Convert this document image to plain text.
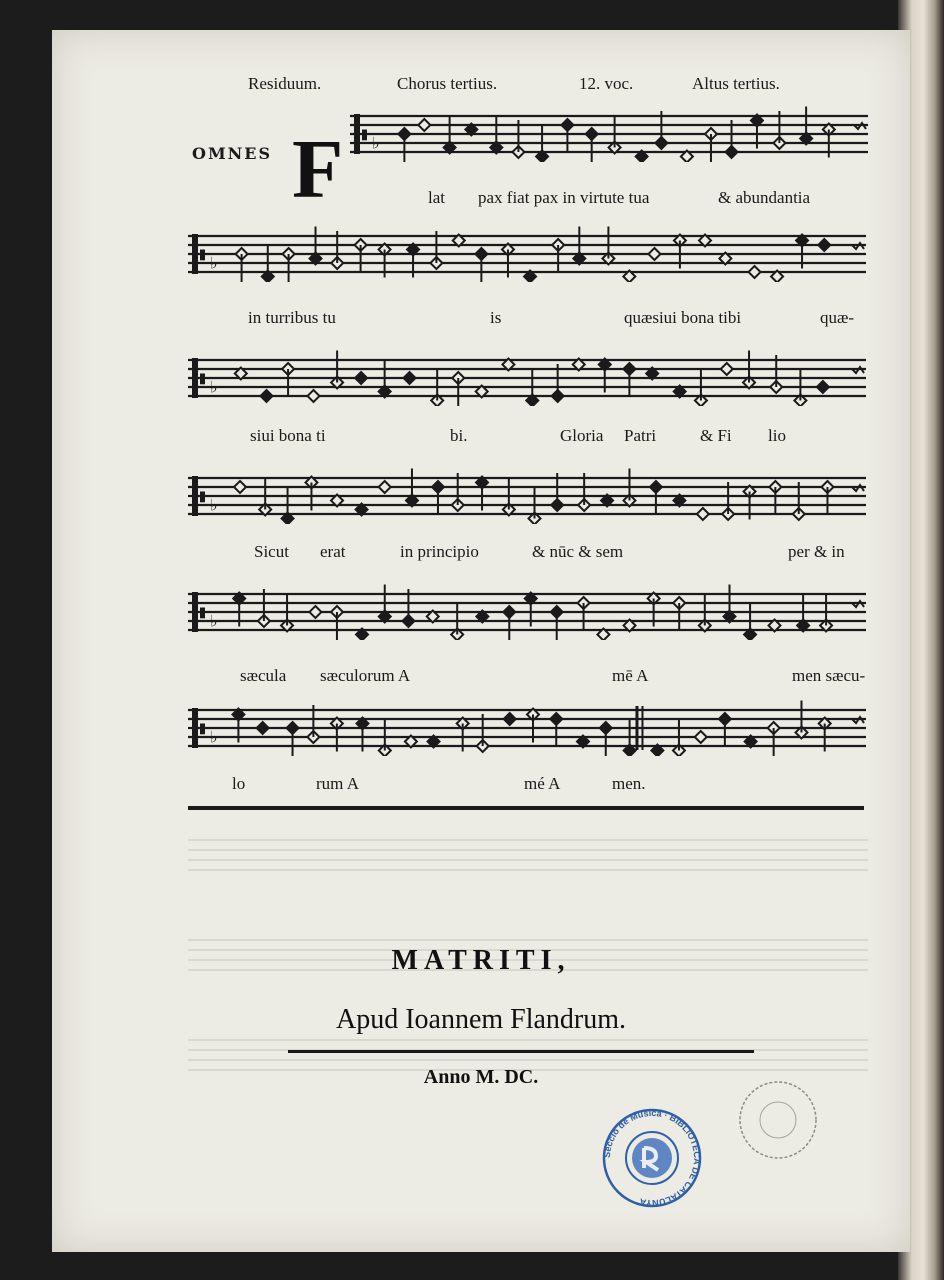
Residuum.	Chorus tertius.	12. voc.	Altus tertius.
OMNES F ♭
♭
♭
♭
♭
♭
lat pax fiat pax in virtute tua	& abundantia
in turribus tu	is	quæsiui bona tibi	quæ-
siui bona ti	bi.	Gloria Patri	& Fi lio
Sicut erat	in principio	& nūc & sem	per & in
sæcula sæculorum A	mē A	men sæcu-
lo	rum A	mé A	men.
MATRITI,
Apud Ioannem Flandrum.
Anno M. DC.
Secció de Música · BIBLIOTECA DE CATALUNYA
